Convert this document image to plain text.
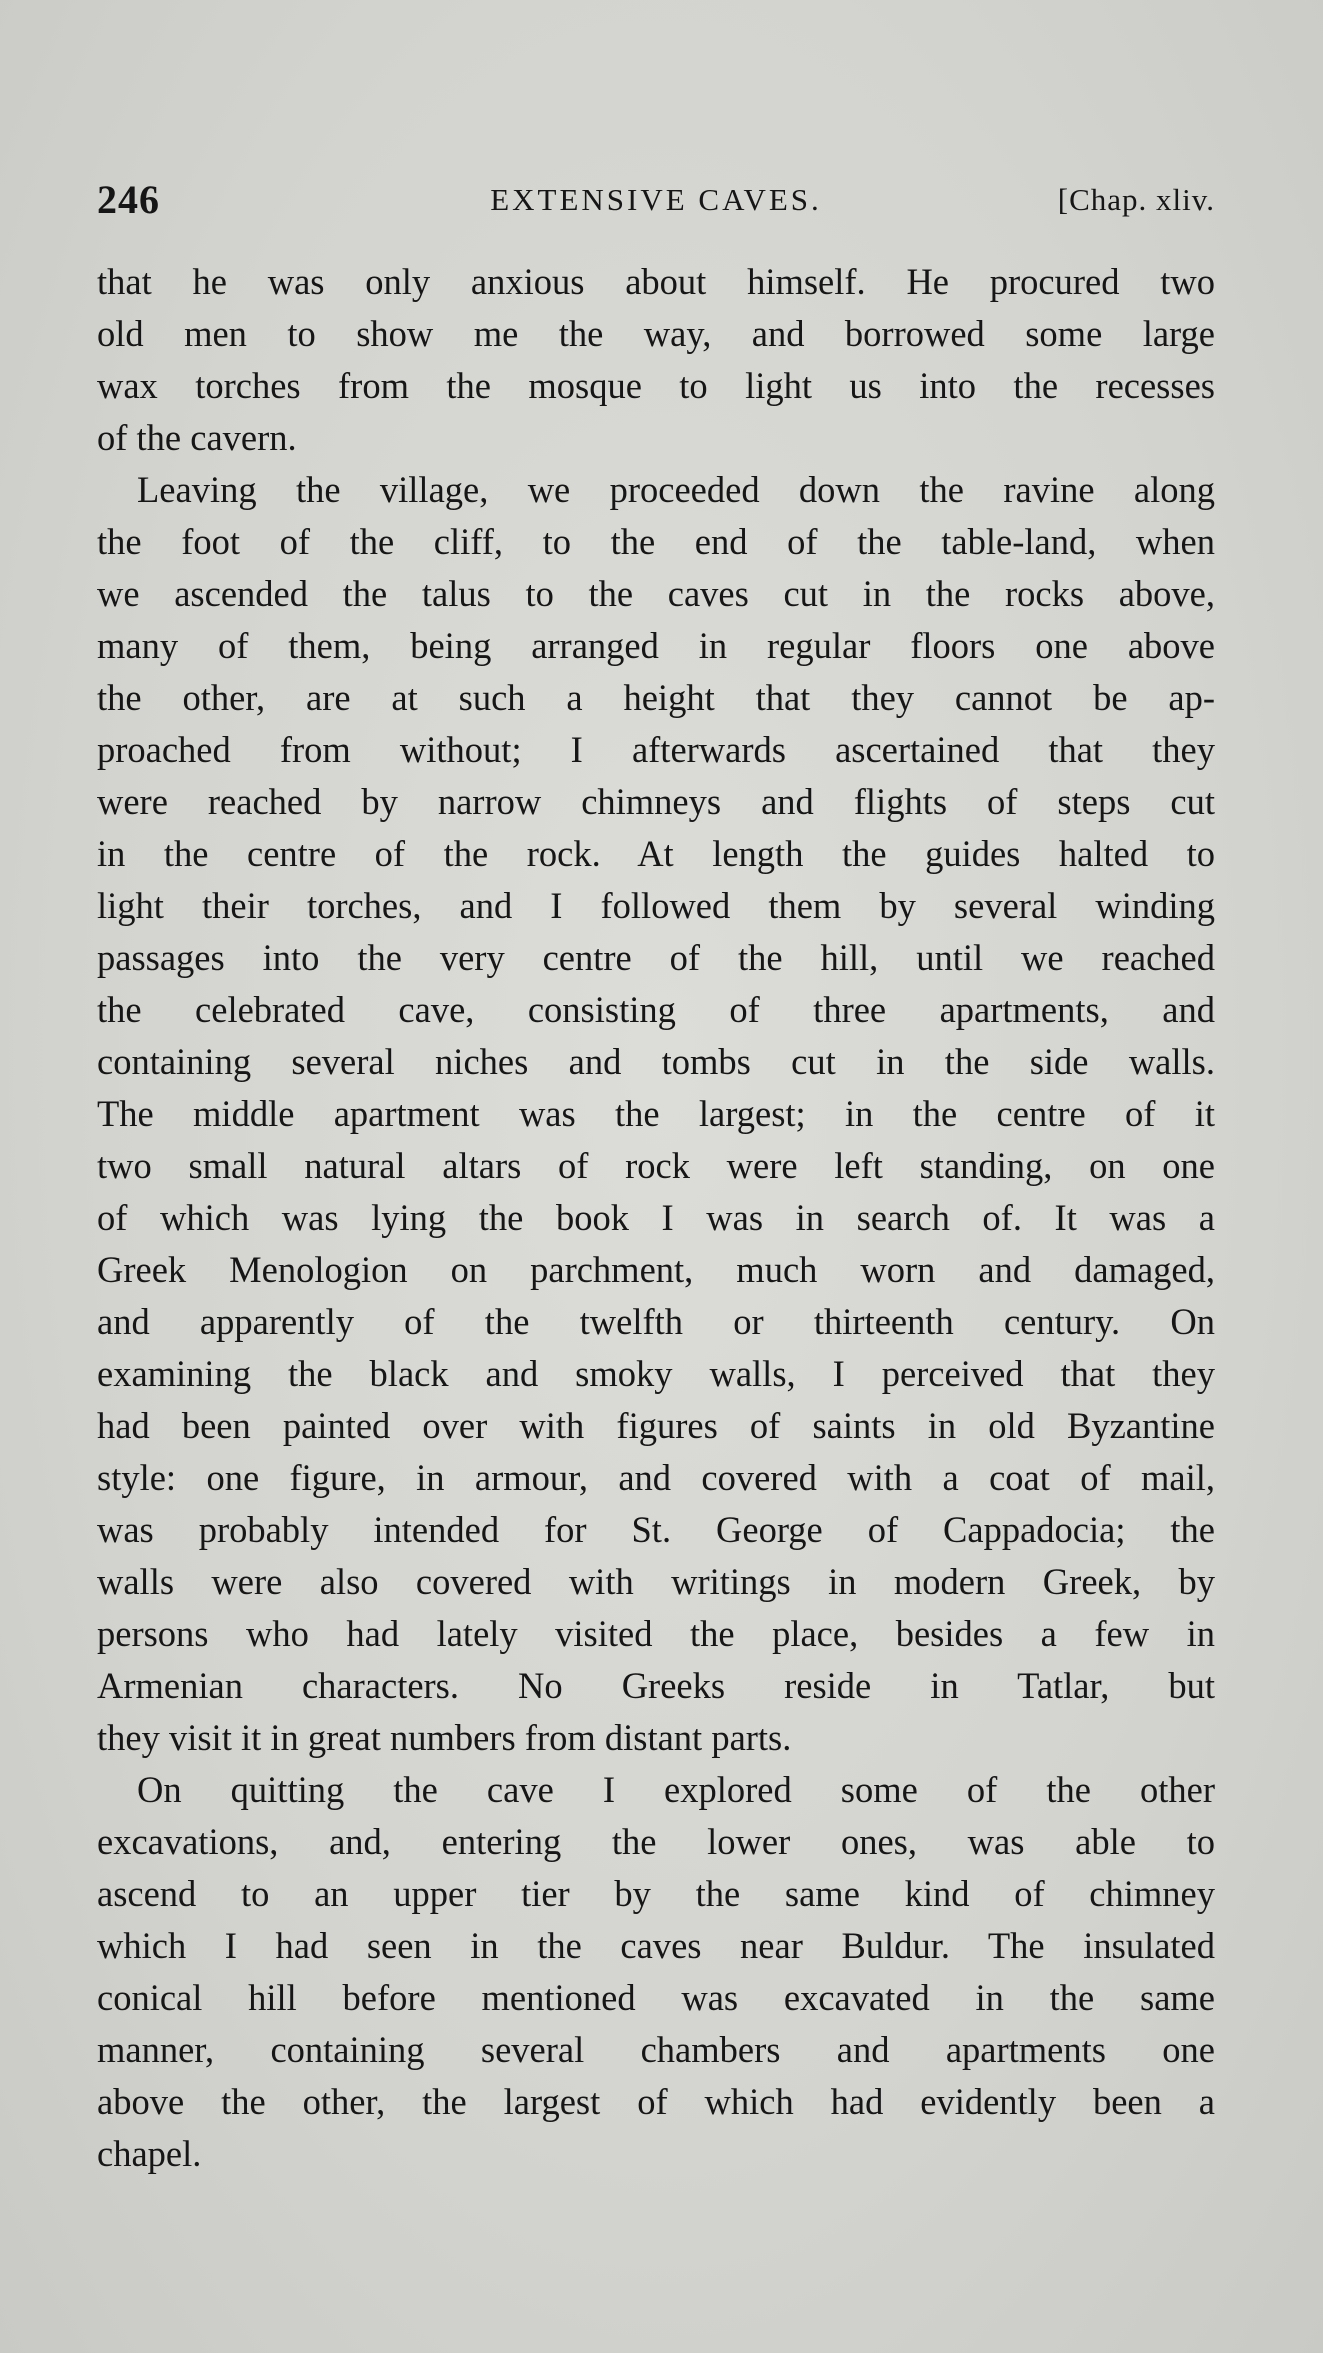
246	EXTENSIVE CAVES.	[Chap. xliv.
that he was only anxious about himself. He procured two
old men to show me the way, and borrowed some large
wax torches from the mosque to light us into the recesses
of the cavern.
Leaving the village, we proceeded down the ravine along
the foot of the cliff, to the end of the table-land, when
we ascended the talus to the caves cut in the rocks above,
many of them, being arranged in regular floors one above
the other, are at such a height that they cannot be ap-
proached from without; I afterwards ascertained that they
were reached by narrow chimneys and flights of steps cut
in the centre of the rock. At length the guides halted to
light their torches, and I followed them by several winding
passages into the very centre of the hill, until we reached
the celebrated cave, consisting of three apartments, and
containing several niches and tombs cut in the side walls.
The middle apartment was the largest; in the centre of it
two small natural altars of rock were left standing, on one
of which was lying the book I was in search of. It was a
Greek Menologion on parchment, much worn and damaged,
and apparently of the twelfth or thirteenth century. On
examining the black and smoky walls, I perceived that they
had been painted over with figures of saints in old Byzantine
style: one figure, in armour, and covered with a coat of mail,
was probably intended for St. George of Cappadocia; the
walls were also covered with writings in modern Greek, by
persons who had lately visited the place, besides a few in
Armenian characters. No Greeks reside in Tatlar, but
they visit it in great numbers from distant parts.
On quitting the cave I explored some of the other
excavations, and, entering the lower ones, was able to
ascend to an upper tier by the same kind of chimney
which I had seen in the caves near Buldur. The insulated
conical hill before mentioned was excavated in the same
manner, containing several chambers and apartments one
above the other, the largest of which had evidently been a
chapel.
